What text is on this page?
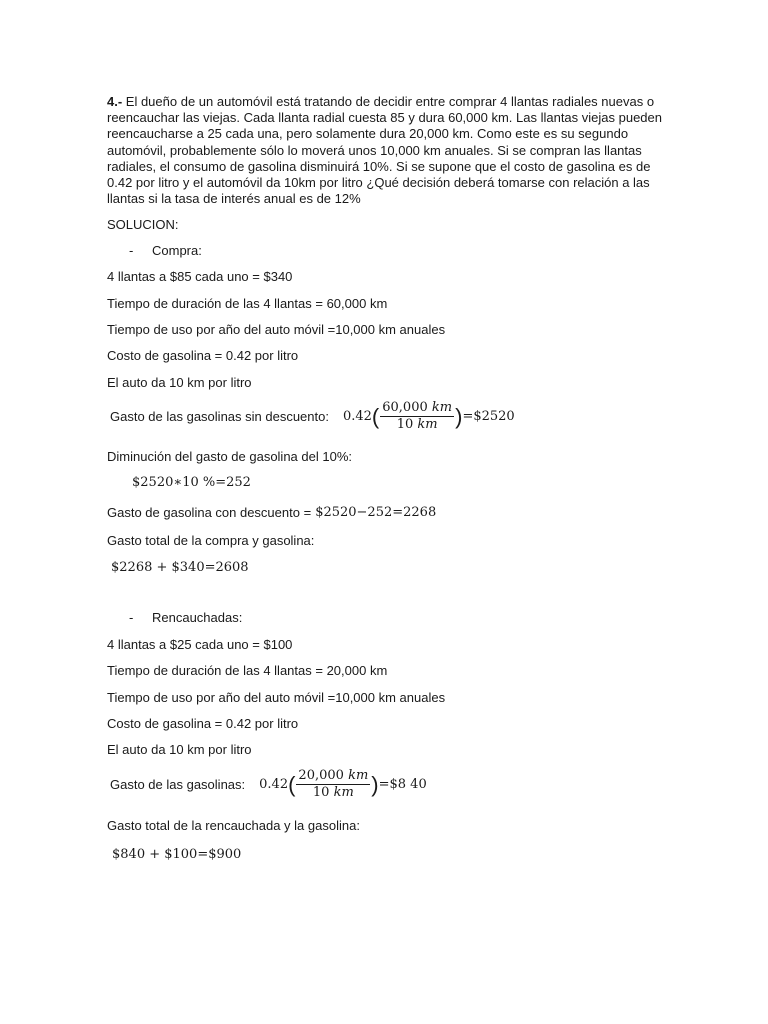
4.- El dueño de un automóvil está tratando de decidir entre comprar 4 llantas radiales nuevas o reencauchar las viejas. Cada llanta radial cuesta 85 y dura 60,000 km. Las llantas viejas pueden reencaucharse a 25 cada una, pero solamente dura 20,000 km. Como este es su segundo automóvil, probablemente sólo lo moverá unos 10,000 km anuales. Si se compran las llantas radiales, el consumo de gasolina disminuirá 10%. Si se supone que el costo de gasolina es de 0.42 por litro y el automóvil da 10km por litro ¿Qué decisión deberá tomarse con relación a las llantas si la tasa de interés anual es de 12%

SOLUCION:
- Compra:
4 llantas a $85 cada uno = $340
Tiempo de duración de las 4 llantas = 60,000 km
Tiempo de uso por año del auto móvil =10,000 km anuales
Costo de gasolina = 0.42 por litro
El auto da 10 km por litro
Gasto de las gasolinas sin descuento: 0.42 ( $\frac{60,000 km}{10 km}$ ) =$2520
Diminución del gasto de gasolina del 10%:
$2520∗10 %=252
Gasto de gasolina con descuento = $2520−252=2268
Gasto total de la compra y gasolina:
$2268 + $340=2608
- Rencauchadas:
4 llantas a $25 cada uno = $100
Tiempo de duración de las 4 llantas = 20,000 km
Tiempo de uso por año del auto móvil =10,000 km anuales
Costo de gasolina = 0.42 por litro
El auto da 10 km por litro
Gasto de las gasolinas: 0.42 ( $\frac{20,000 km}{10 km}$ ) =$8 40
Gasto total de la rencauchada y la gasolina:
$840 + $100=$900
